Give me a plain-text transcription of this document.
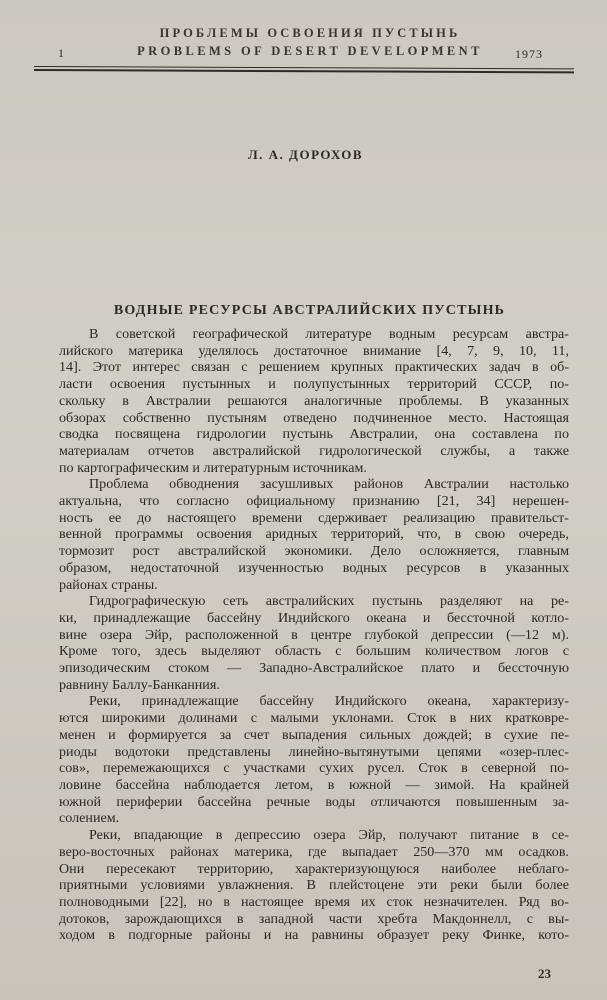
1
ПРОБЛЕМЫ ОСВОЕНИЯ ПУСТЫНЬ
PROBLEMS OF DESERT DEVELOPMENT	1973
Л. А. ДОРОХОВ
ВОДНЫЕ РЕСУРСЫ АВСТРАЛИЙСКИХ ПУСТЫНЬ
В советской географической литературе водным ресурсам австра-
лийского материка уделялось достаточное внимание [4, 7, 9, 10, 11,
14]. Этот интерес связан с решением крупных практических задач в об-
ласти освоения пустынных и полупустынных территорий СССР, по-
скольку в Австралии решаются аналогичные проблемы. В указанных
обзорах собственно пустыням отведено подчиненное место. Настоящая
сводка посвящена гидрологии пустынь Австралии, она составлена по
материалам отчетов австралийской гидрологической службы, а также
по картографическим и литературным источникам.
Проблема обводнения засушливых районов Австралии настолько
актуальна, что согласно официальному признанию [21, 34] нерешен-
ность ее до настоящего времени сдерживает реализацию правительст-
венной программы освоения аридных территорий, что, в свою очередь,
тормозит рост австралийской экономики. Дело осложняется, главным
образом, недостаточной изученностью водных ресурсов в указанных
районах страны.
Гидрографическую сеть австралийских пустынь разделяют на ре-
ки, принадлежащие бассейну Индийского океана и бессточной котло-
вине озера Эйр, расположенной в центре глубокой депрессии (—12 м).
Кроме того, здесь выделяют область с большим количеством логов с
эпизодическим стоком — Западно-Австралийское плато и бессточную
равнину Баллу-Банканния.
Реки, принадлежащие бассейну Индийского океана, характеризу-
ются широкими долинами с малыми уклонами. Сток в них кратковре-
менен и формируется за счет выпадения сильных дождей; в сухие пе-
риоды водотоки представлены линейно-вытянутыми цепями «озер-плес-
сов», перемежающихся с участками сухих русел. Сток в северной по-
ловине бассейна наблюдается летом, в южной — зимой. На крайней
южной периферии бассейна речные воды отличаются повышенным за-
солением.
Реки, впадающие в депрессию озера Эйр, получают питание в се-
веро-восточных районах материка, где выпадает 250—370 мм осадков.
Они пересекают территорию, характеризующуюся наиболее неблаго-
приятными условиями увлажнения. В плейстоцене эти реки были более
полноводными [22], но в настоящее время их сток незначителен. Ряд во-
дотоков, зарождающихся в западной части хребта Макдоннелл, с вы-
ходом в подгорные районы и на равнины образует реку Финке, кото-
23
